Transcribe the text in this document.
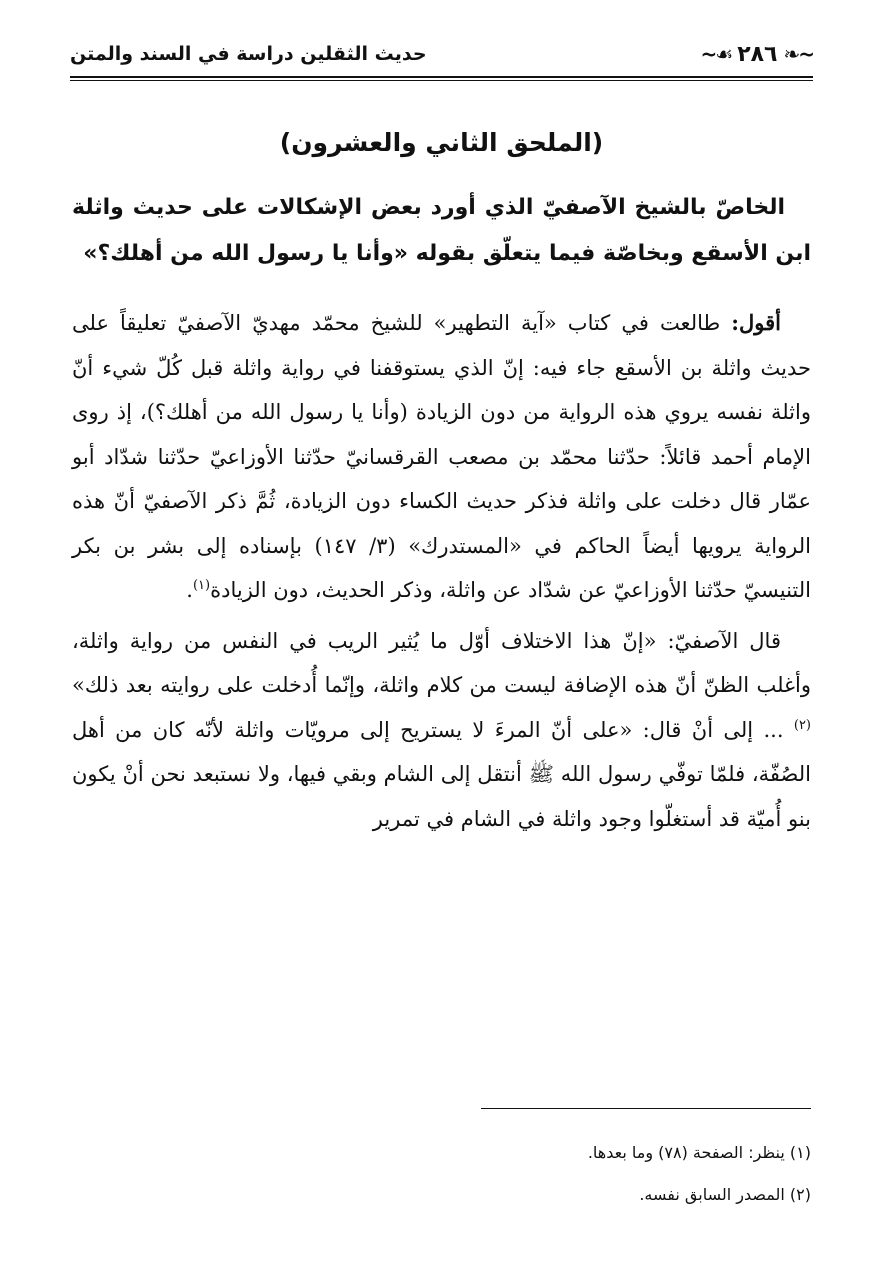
~❧
٢٨٦
☙~
حديث الثقلين دراسة في السند والمتن
(الملحق الثاني والعشرون)

الخاصّ بالشيخ الآصفيّ الذي أورد بعض الإشكالات على حديث واثلة ابن الأسقع وبخاصّة فيما يتعلّق بقوله «وأنا يا رسول الله من أهلك؟»

أقول: طالعت في كتاب «آية التطهير» للشيخ محمّد مهديّ الآصفيّ تعليقاً على حديث واثلة بن الأسقع جاء فيه: إنّ الذي يستوقفنا في رواية واثلة قبل كُلّ شيء أنّ واثلة نفسه يروي هذه الرواية من دون الزيادة (وأنا يا رسول الله من أهلك؟)، إذ روى الإمام أحمد قائلاً: حدّثنا محمّد بن مصعب القرقسانيّ حدّثنا الأوزاعيّ حدّثنا شدّاد أبو عمّار قال دخلت على واثلة فذكر حديث الكساء دون الزيادة، ثُمَّ ذكر الآصفيّ أنّ هذه الرواية يرويها أيضاً الحاكم في «المستدرك» (٣/ ١٤٧) بإسناده إلى بشر بن بكر التنيسيّ حدّثنا الأوزاعيّ عن شدّاد عن واثلة، وذكر الحديث، دون الزيادة$^{(١)}$.

قال الآصفيّ: «إنّ هذا الاختلاف أوّل ما يُثير الريب في النفس من رواية واثلة، وأغلب الظنّ أنّ هذه الإضافة ليست من كلام واثلة، وإنّما أُدخلت على روايته بعد ذلك» $^{(٢)}$ ... إلى أنْ قال: «على أنّ المرءَ لا يستريح إلى مرويّات واثلة لأنّه كان من أهل الصُفّة، فلمّا توفّي رسول الله ﷺ أنتقل إلى الشام وبقي فيها، ولا نستبعد نحن أنْ يكون بنو أُميّة قد أستغلّوا وجود واثلة في الشام في تمرير

(١) ينظر: الصفحة (٧٨) وما بعدها.

(٢) المصدر السابق نفسه.
